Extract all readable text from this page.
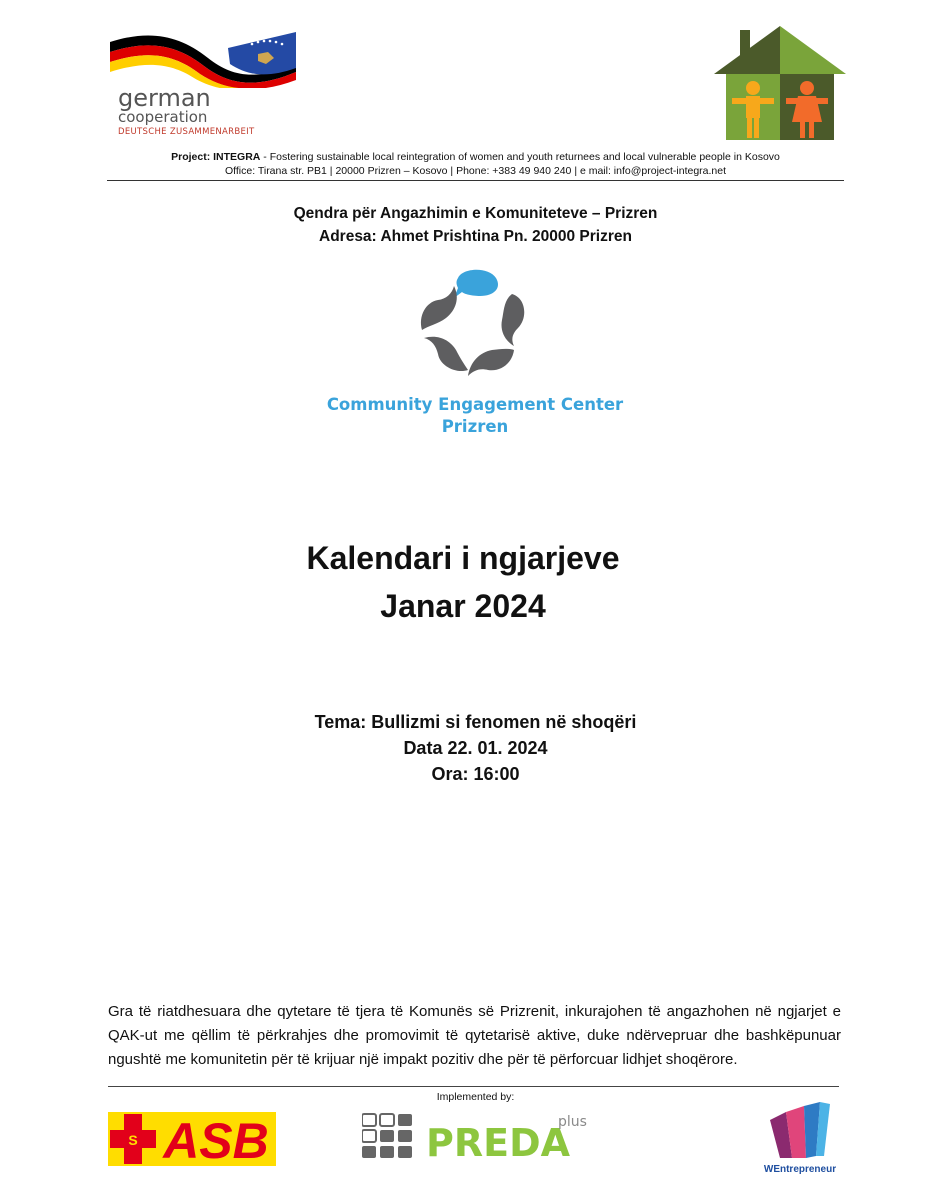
german
cooperation
DEUTSCHE ZUSAMMENARBEIT
Project: INTEGRA - Fostering sustainable local reintegration of women and youth returnees and local vulnerable people in Kosovo
Office: Tirana str. PB1 | 20000 Prizren – Kosovo | Phone: +383 49 940 240 | e mail: info@project-integra.net
Qendra për Angazhimin e Komuniteteve – Prizren
Adresa: Ahmet Prishtina Pn. 20000 Prizren
Community Engagement Center
Prizren
Kalendari i ngjarjeve
Janar 2024
Tema: Bullizmi si fenomen në shoqëri
Data 22. 01. 2024
Ora: 16:00

Gra të riatdhesuara dhe qytetare të tjera të Komunës së Prizrenit, inkurajohen të angazhohen në ngjarjet e QAK-ut me qëllim të përkrahjes dhe promovimit të qytetarisë aktive, duke ndërvepruar dhe bashkëpunuar ngushtë me komunitetin për të krijuar një impakt pozitiv dhe për të përforcuar lidhjet shoqërore.

Implemented by:
S ASB	PREDA
plus
WEntrepreneur
